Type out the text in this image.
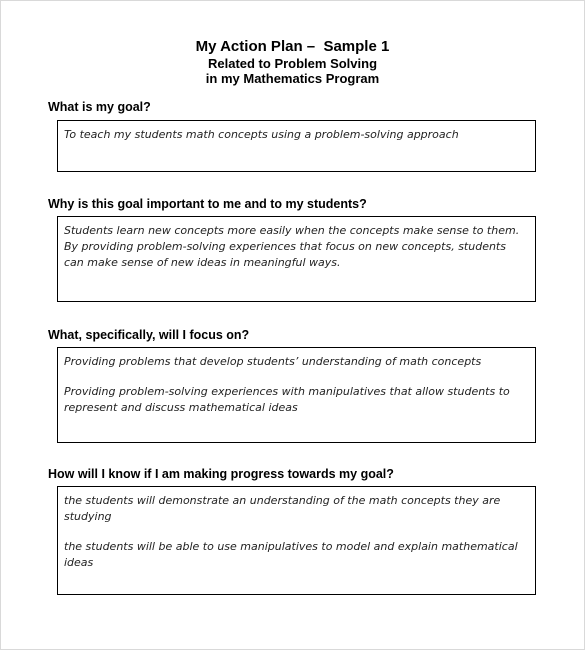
My Action Plan –  Sample 1
Related to Problem Solving
in my Mathematics Program
What is my goal?

To teach my students math concepts using a problem-solving approach

Why is this goal important to me and to my students?

Students learn new concepts more easily when the concepts make sense to them. By providing problem-solving experiences that focus on new concepts, students can make sense of new ideas in meaningful ways.

What, specifically, will I focus on?

Providing problems that develop students’ understanding of math concepts

Providing problem-solving experiences with manipulatives that allow students to represent and discuss mathematical ideas

How will I know if I am making progress towards my goal?

the students will demonstrate an understanding of the math concepts they are studying

the students will be able to use manipulatives to model and explain mathematical ideas
